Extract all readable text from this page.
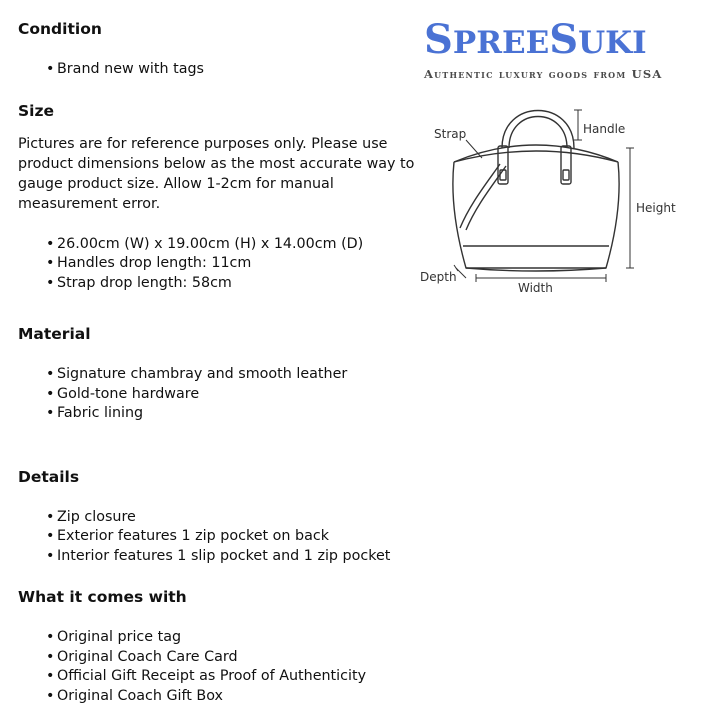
Condition
• Brand new with tags
Size

Pictures are for reference purposes only. Please use product dimensions below as the most accurate way to gauge product size. Allow 1-2cm for manual measurement error.

• 26.00cm (W) x 19.00cm (H) x 14.00cm (D)
• Handles drop length: 11cm
• Strap drop length: 58cm
Material
• Signature chambray and smooth leather
• Gold-tone hardware
• Fabric lining
Details
• Zip closure
• Exterior features 1 zip pocket on back
• Interior features 1 slip pocket and 1 zip pocket
What it comes with
• Original price tag
• Original Coach Care Card
• Official Gift Receipt as Proof of Authenticity
• Original Coach Gift Box
SPREESUKI
Authentic luxury goods from USA
Strap	Handle
Height
Depth
Width
